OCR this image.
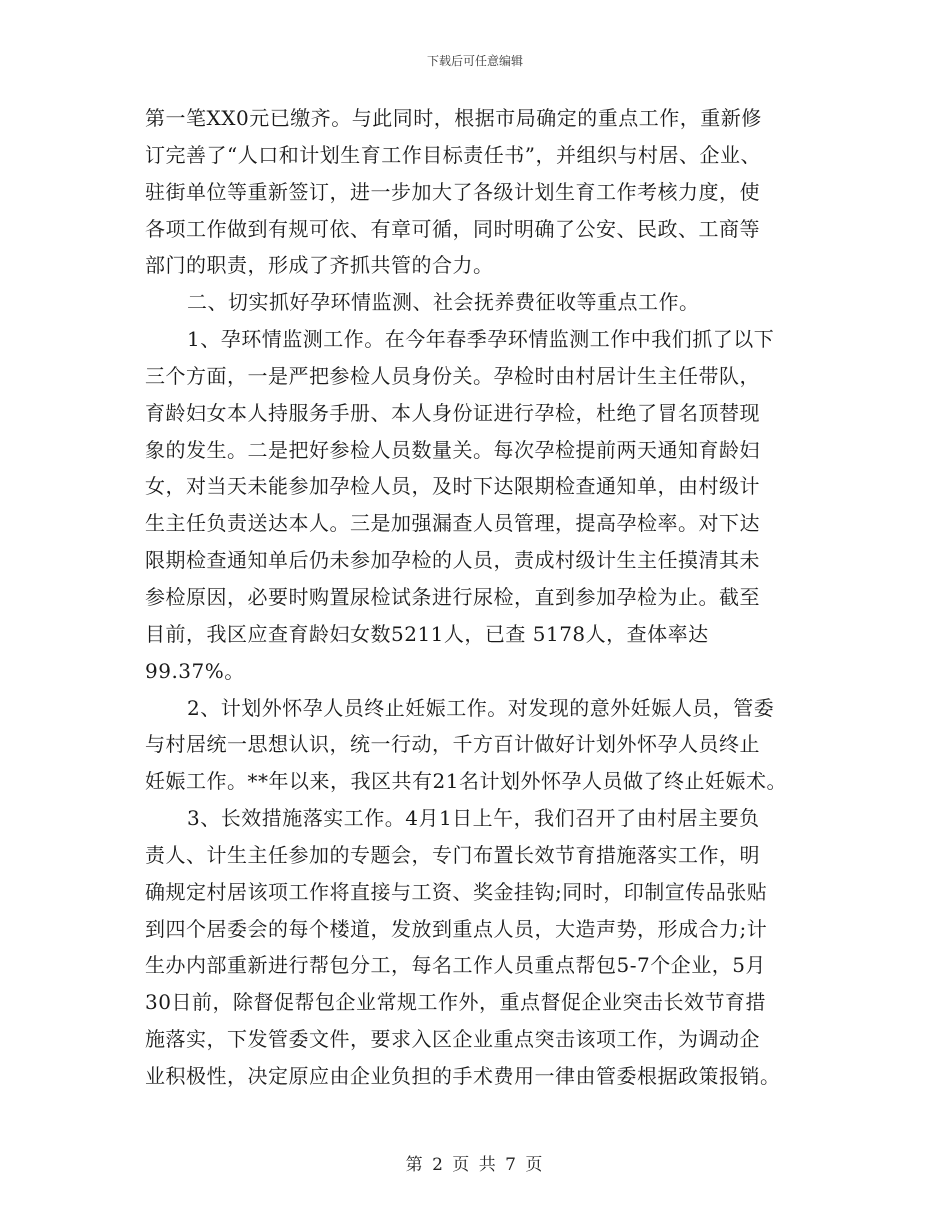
下载后可任意编辑
第一笔XX0元已缴齐。与此同时，根据市局确定的重点工作，重新修
订完善了“人口和计划生育工作目标责任书”，并组织与村居、企业、
驻街单位等重新签订，进一步加大了各级计划生育工作考核力度，使
各项工作做到有规可依、有章可循，同时明确了公安、民政、工商等
部门的职责，形成了齐抓共管的合力。
二、切实抓好孕环情监测、社会抚养费征收等重点工作。
1、孕环情监测工作。在今年春季孕环情监测工作中我们抓了以下
三个方面，一是严把参检人员身份关。孕检时由村居计生主任带队，
育龄妇女本人持服务手册、本人身份证进行孕检，杜绝了冒名顶替现
象的发生。二是把好参检人员数量关。每次孕检提前两天通知育龄妇
女，对当天未能参加孕检人员，及时下达限期检查通知单，由村级计
生主任负责送达本人。三是加强漏查人员管理，提高孕检率。对下达
限期检查通知单后仍未参加孕检的人员，责成村级计生主任摸清其未
参检原因，必要时购置尿检试条进行尿检，直到参加孕检为止。截至
目前，我区应查育龄妇女数5211人，已查 5178人，查体率达
99.37%。
2、计划外怀孕人员终止妊娠工作。对发现的意外妊娠人员，管委
与村居统一思想认识，统一行动，千方百计做好计划外怀孕人员终止
妊娠工作。**年以来，我区共有21名计划外怀孕人员做了终止妊娠术。
3、长效措施落实工作。4月1日上午，我们召开了由村居主要负
责人、计生主任参加的专题会，专门布置长效节育措施落实工作，明
确规定村居该项工作将直接与工资、奖金挂钩;同时，印制宣传品张贴
到四个居委会的每个楼道，发放到重点人员，大造声势，形成合力;计
生办内部重新进行帮包分工，每名工作人员重点帮包5-7个企业，5月
30日前，除督促帮包企业常规工作外，重点督促企业突击长效节育措
施落实，下发管委文件，要求入区企业重点突击该项工作，为调动企
业积极性，决定原应由企业负担的手术费用一律由管委根据政策报销。
第 2 页 共 7 页
